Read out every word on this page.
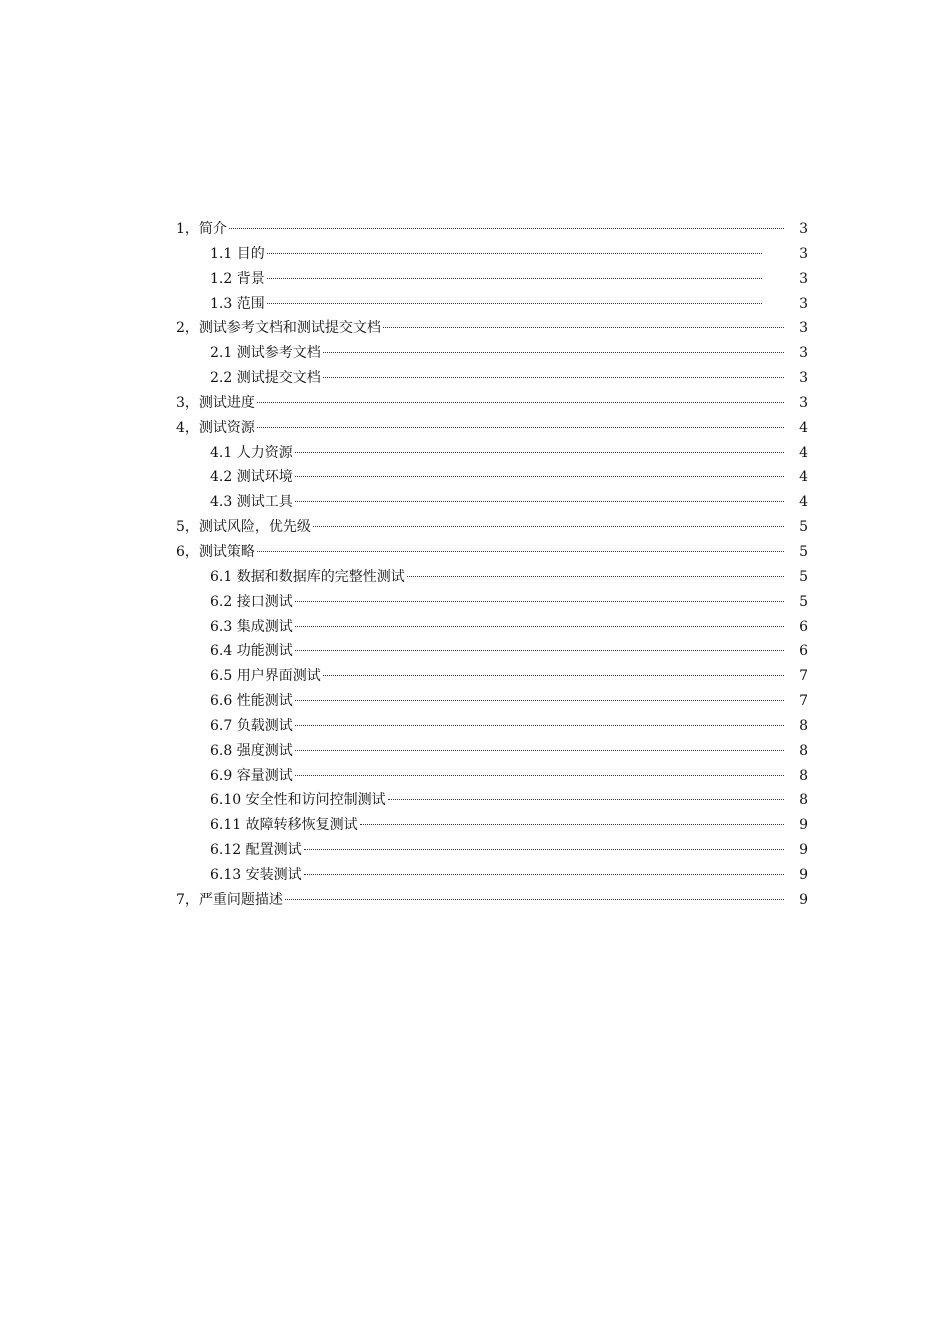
1，简介	3
1.1 目的	3
1.2 背景	3
1.3 范围	3
2，测试参考文档和测试提交文档	3
2.1 测试参考文档	3
2.2 测试提交文档	3
3，测试进度	3
4，测试资源	4
4.1 人力资源	4
4.2 测试环境	4
4.3 测试工具	4
5，测试风险，优先级	5
6，测试策略	5
6.1 数据和数据库的完整性测试	5
6.2 接口测试	5
6.3 集成测试	6
6.4 功能测试	6
6.5 用户界面测试	7
6.6 性能测试	7
6.7 负载测试	8
6.8 强度测试	8
6.9 容量测试	8
6.10 安全性和访问控制测试	8
6.11 故障转移恢复测试	9
6.12 配置测试	9
6.13 安装测试	9
7，严重问题描述	9
